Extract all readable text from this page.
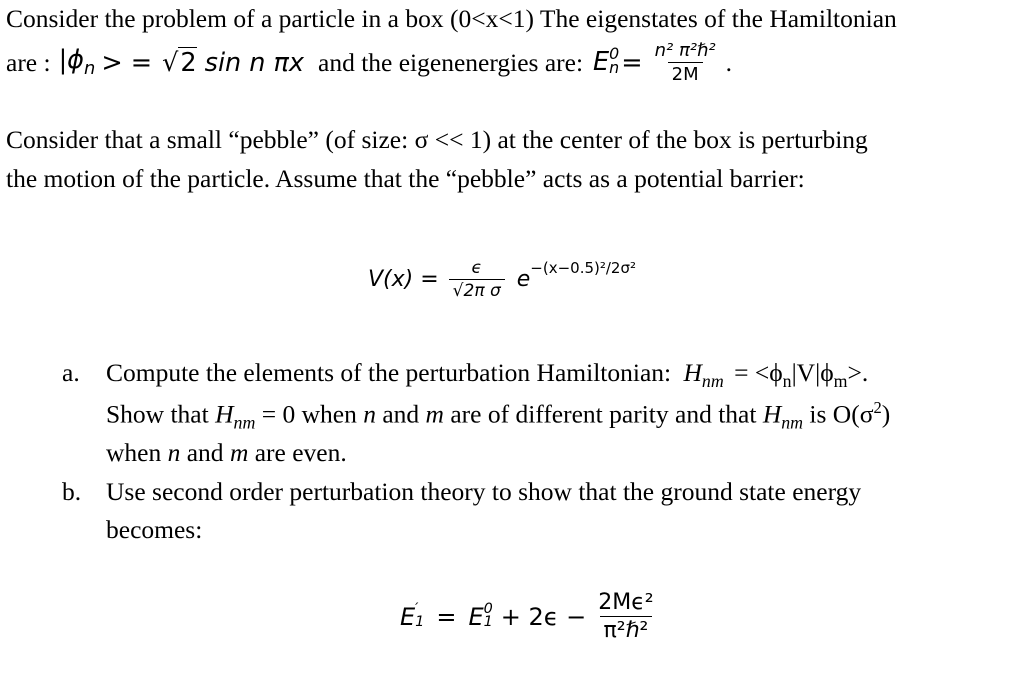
Consider the problem of a particle in a box (0<x<1) The eigenstates of the Hamiltonian
are : $|\phi_n$ > = √ 2 sin n πx and the eigenenergies are: E 0
$n = \frac{\text{n² π²ℏ²}}{2M}$ .
Consider that a small “pebble” (of size: σ << 1) at the center of the box is perturbing
the motion of the particle. Assume that the “pebble” acts as a potential barrier:
$V(x) = \frac{\epsilon}{\text{√2π σ}}$ e −(x−0.5)²/2σ²
a. Compute the elements of the perturbation Hamiltonian: $H_{nm} = <\phi_n|V|\phi_m>$.
Show that $H_{nm} = 0$ when n and m are of different parity and that $H_{nm}$ is $O(\sigma^2)$
when n and m are even.
b. Use second order perturbation theory to show that the ground state energy
becomes:
E ′
1 = E 0
$1 + 2\epsilon - \frac{\text{2Mϵ²}}{\text{π²ℏ²}}$
